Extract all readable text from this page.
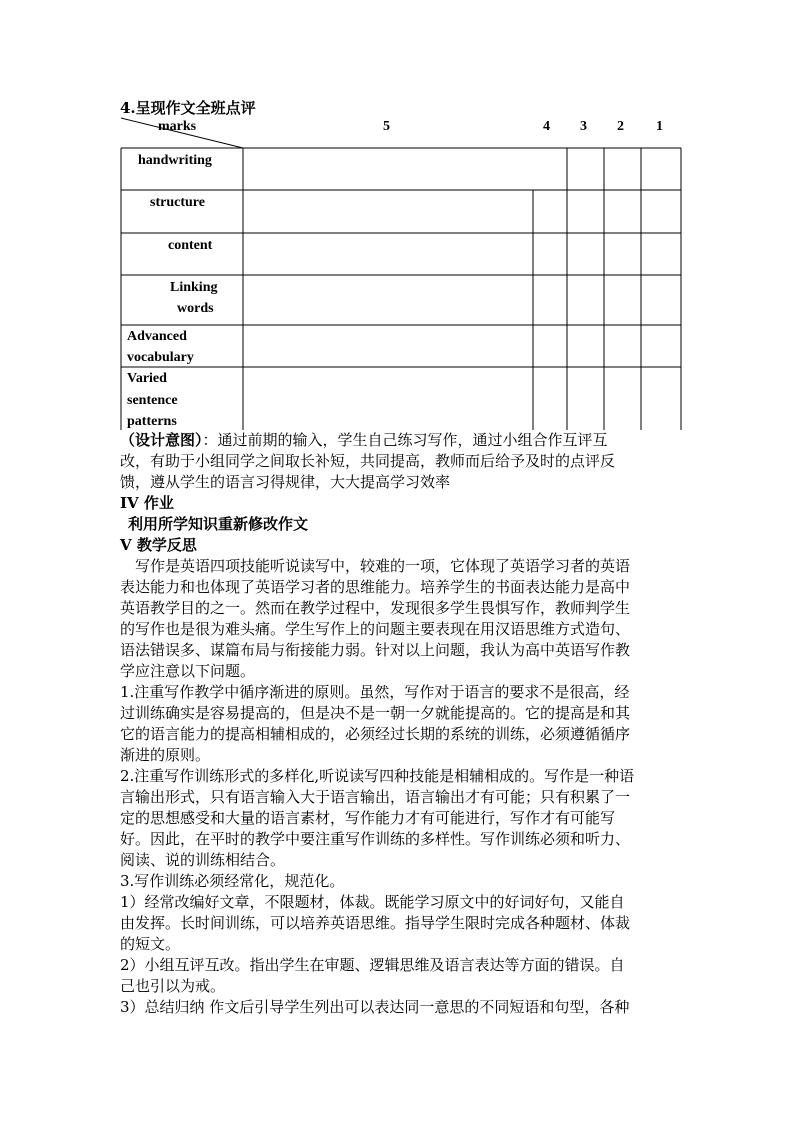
4.呈现作文全班点评
marks	5	4 3 2 1
handwriting
structure
content
Linking
words
Advanced
vocabulary
Varied
sentence
patterns
（设计意图）：通过前期的输入，学生自己练习写作，通过小组合作互评互
改，有助于小组同学之间取长补短，共同提高，教师而后给予及时的点评反
馈，遵从学生的语言习得规律，大大提高学习效率
IV 作业
利用所学知识重新修改作文
V 教学反思
写作是英语四项技能听说读写中，较难的一项，它体现了英语学习者的英语
表达能力和也体现了英语学习者的思维能力。培养学生的书面表达能力是高中
英语教学目的之一。然而在教学过程中，发现很多学生畏惧写作，教师判学生
的写作也是很为难头痛。学生写作上的问题主要表现在用汉语思维方式造句、
语法错误多、谋篇布局与衔接能力弱。针对以上问题，我认为高中英语写作教
学应注意以下问题。
1.注重写作教学中循序渐进的原则。虽然，写作对于语言的要求不是很高，经
过训练确实是容易提高的，但是决不是一朝一夕就能提高的。它的提高是和其
它的语言能力的提高相辅相成的，必须经过长期的系统的训练，必须遵循循序
渐进的原则。
2.注重写作训练形式的多样化,听说读写四种技能是相辅相成的。写作是一种语
言输出形式，只有语言输入大于语言输出，语言输出才有可能；只有积累了一
定的思想感受和大量的语言素材，写作能力才有可能进行，写作才有可能写
好。因此，在平时的教学中要注重写作训练的多样性。写作训练必须和听力、
阅读、说的训练相结合。
3.写作训练必须经常化，规范化。
1）经常改编好文章，不限题材，体裁。既能学习原文中的好词好句，又能自
由发挥。长时间训练，可以培养英语思维。指导学生限时完成各种题材、体裁
的短文。
2）小组互评互改。指出学生在审题、逻辑思维及语言表达等方面的错误。自
己也引以为戒。
3）总结归纳 作文后引导学生列出可以表达同一意思的不同短语和句型，各种
